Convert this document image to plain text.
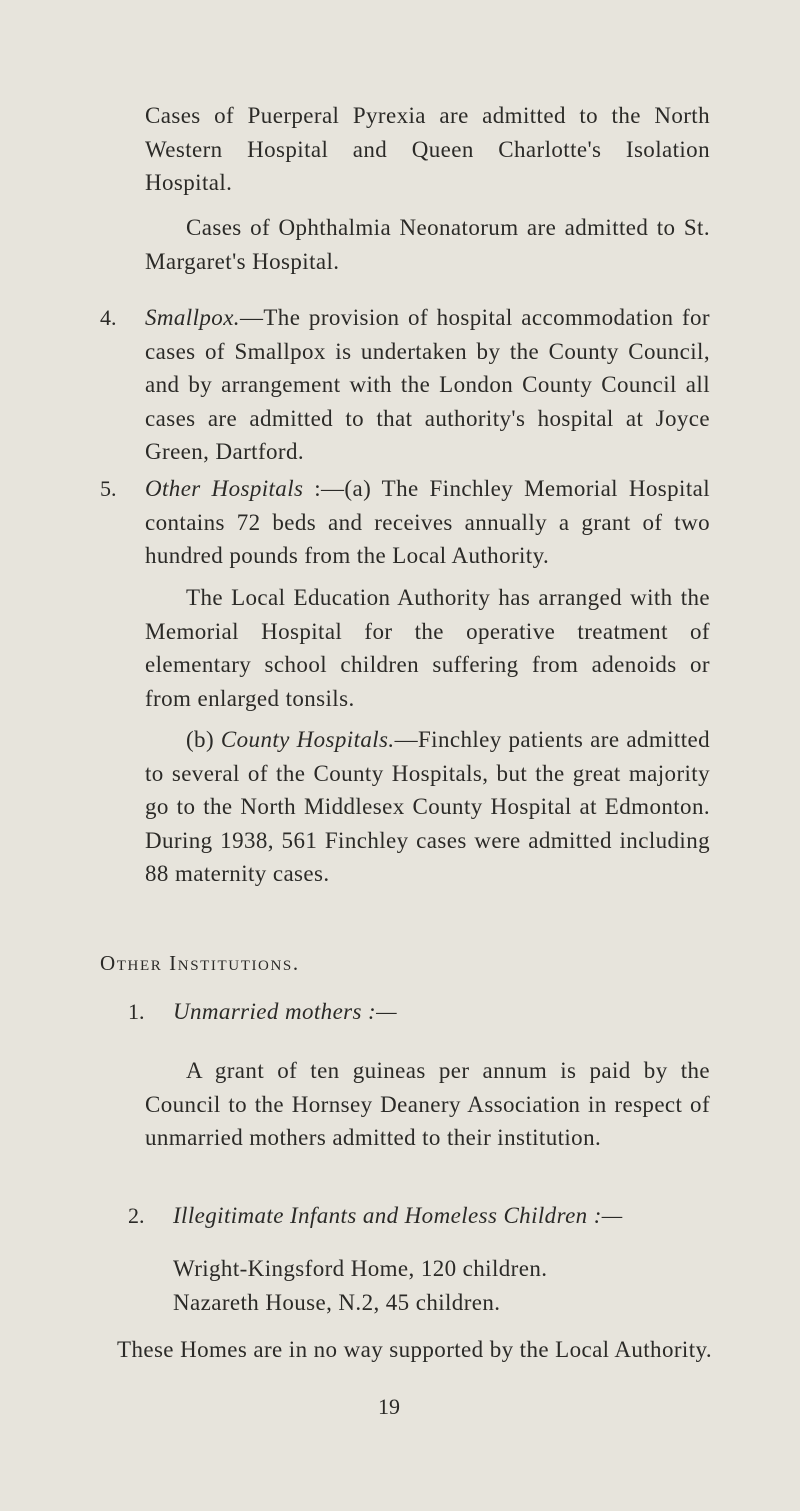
Cases of Puerperal Pyrexia are admitted to the North Western Hospital and Queen Charlotte's Isolation Hospital.

Cases of Ophthalmia Neonatorum are admitted to St. Margaret's Hospital.

4. Smallpox.—The provision of hospital accommodation for cases of Smallpox is undertaken by the County Council, and by arrangement with the London County Council all cases are admitted to that authority's hospital at Joyce Green, Dartford.

5. Other Hospitals :—(a) The Finchley Memorial Hospital contains 72 beds and receives annually a grant of two hundred pounds from the Local Authority.

The Local Education Authority has arranged with the Memorial Hospital for the operative treatment of elementary school children suffering from adenoids or from enlarged tonsils.

(b) County Hospitals.—Finchley patients are admitted to several of the County Hospitals, but the great majority go to the North Middlesex County Hospital at Edmonton. During 1938, 561 Finchley cases were admitted including 88 maternity cases.

Other Institutions.
1. Unmarried mothers :—

A grant of ten guineas per annum is paid by the Council to the Hornsey Deanery Association in respect of unmarried mothers admitted to their institution.

2. Illegitimate Infants and Homeless Children :—
Wright-Kingsford Home, 120 children.
Nazareth House, N.2, 45 children.

These Homes are in no way supported by the Local Authority.

19
